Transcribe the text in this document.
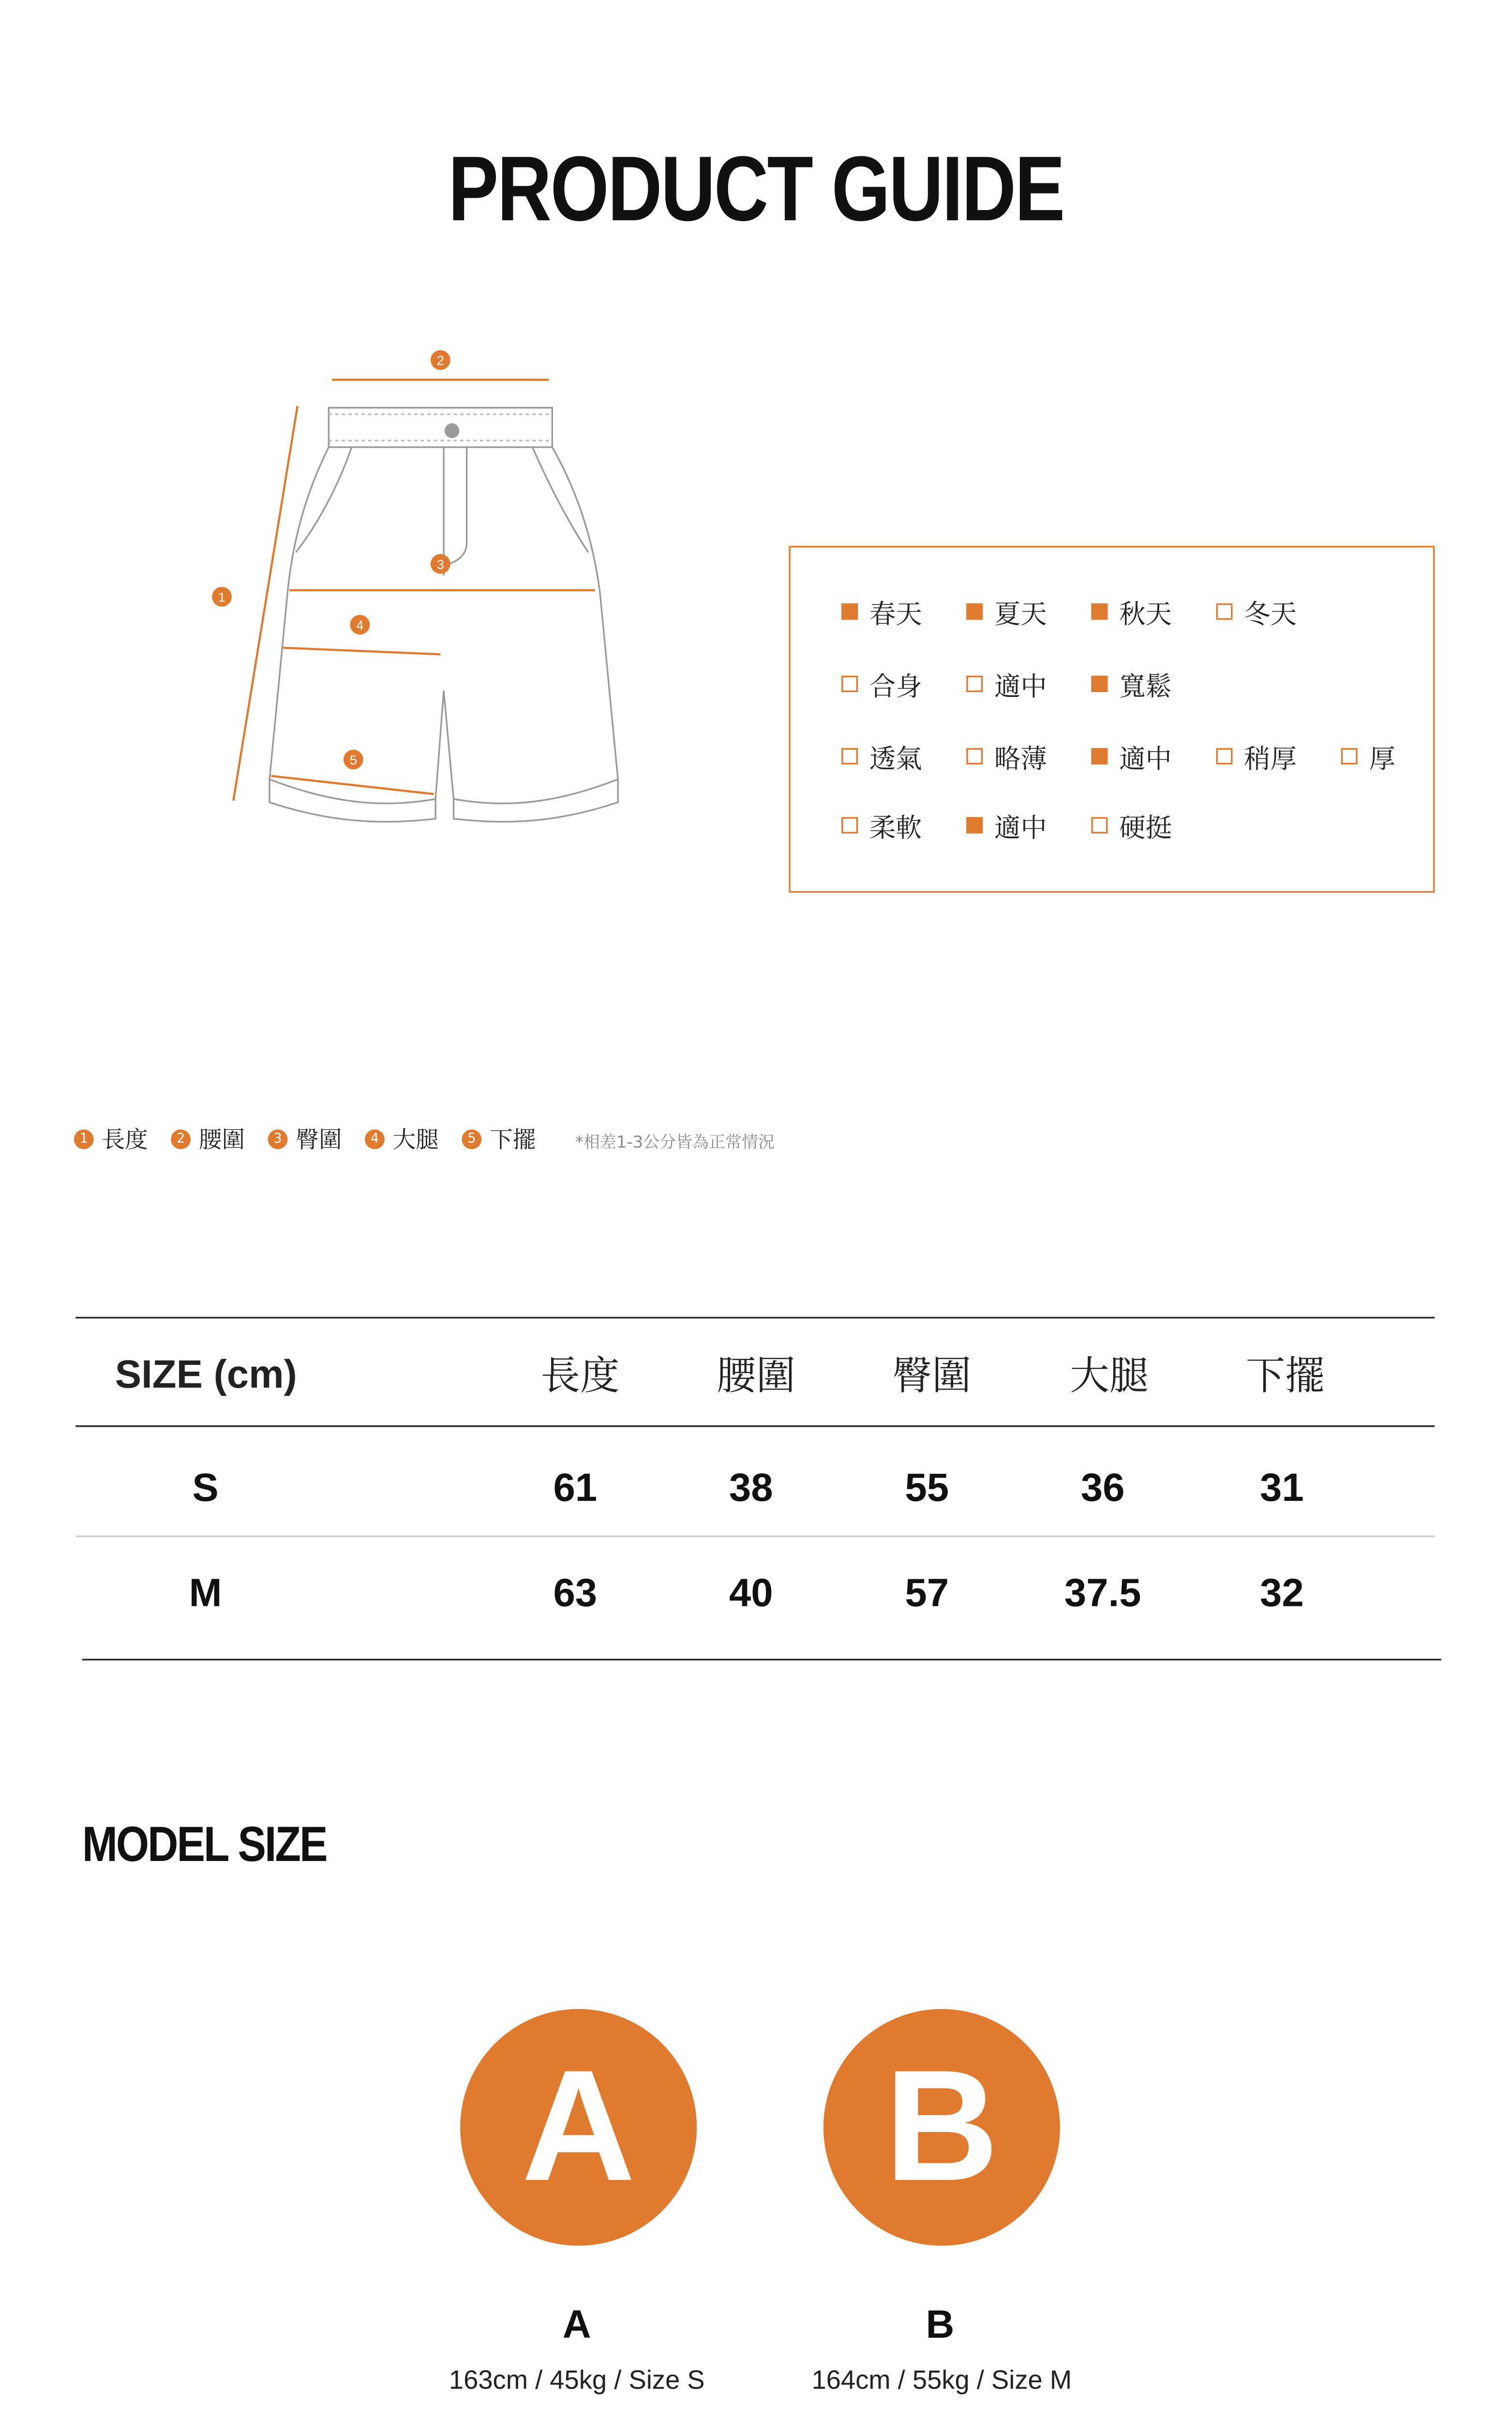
PRODUCT GUIDE
2
1
3
4
5
春天	夏天	秋天	冬天
合身	適中	寬鬆
透氣	略薄	適中	稍厚	厚
柔軟	適中	硬挺
1	長度	2	腰圍	3	臀圍	4	大腿	5	下擺	*相差1-3公分皆為正常情況
SIZE (cm)	長度	腰圍	臀圍	大腿	下擺
S	61	38	55	36	31
M	63	40	57	37.5	32
MODEL SIZE
A	B
A	B
163cm / 45kg / Size S	164cm / 55kg / Size M
